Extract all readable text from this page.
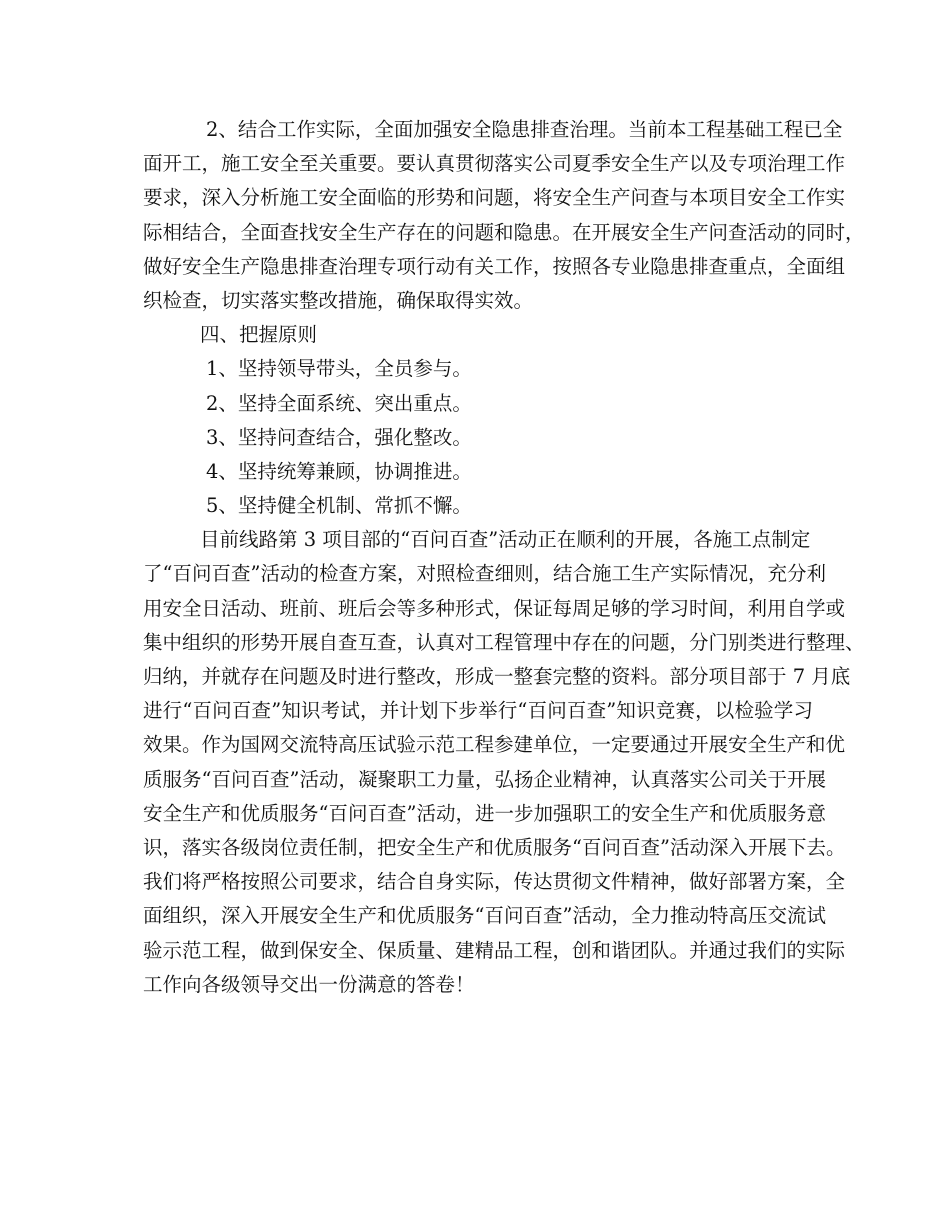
2、结合工作实际，全面加强安全隐患排查治理。当前本工程基础工程已全
面开工，施工安全至关重要。要认真贯彻落实公司夏季安全生产以及专项治理工作
要求，深入分析施工安全面临的形势和问题，将安全生产问查与本项目安全工作实
际相结合，全面查找安全生产存在的问题和隐患。在开展安全生产问查活动的同时，
做好安全生产隐患排查治理专项行动有关工作，按照各专业隐患排查重点，全面组
织检查，切实落实整改措施，确保取得实效。
四、把握原则
1、坚持领导带头，全员参与。
2、坚持全面系统、突出重点。
3、坚持问查结合，强化整改。
4、坚持统筹兼顾，协调推进。
5、坚持健全机制、常抓不懈。
目前线路第 3 项目部的“百问百查”活动正在顺利的开展，各施工点制定
了“百问百查”活动的检查方案，对照检查细则，结合施工生产实际情况，充分利
用安全日活动、班前、班后会等多种形式，保证每周足够的学习时间，利用自学或
集中组织的形势开展自查互查，认真对工程管理中存在的问题，分门别类进行整理、
归纳，并就存在问题及时进行整改，形成一整套完整的资料。部分项目部于 7 月底
进行“百问百查”知识考试，并计划下步举行“百问百查”知识竞赛，以检验学习
效果。作为国网交流特高压试验示范工程参建单位，一定要通过开展安全生产和优
质服务“百问百查”活动，凝聚职工力量，弘扬企业精神，认真落实公司关于开展
安全生产和优质服务“百问百查”活动，进一步加强职工的安全生产和优质服务意
识，落实各级岗位责任制，把安全生产和优质服务“百问百查”活动深入开展下去。
我们将严格按照公司要求，结合自身实际，传达贯彻文件精神，做好部署方案，全
面组织，深入开展安全生产和优质服务“百问百查”活动，全力推动特高压交流试
验示范工程，做到保安全、保质量、建精品工程，创和谐团队。并通过我们的实际
工作向各级领导交出一份满意的答卷！
